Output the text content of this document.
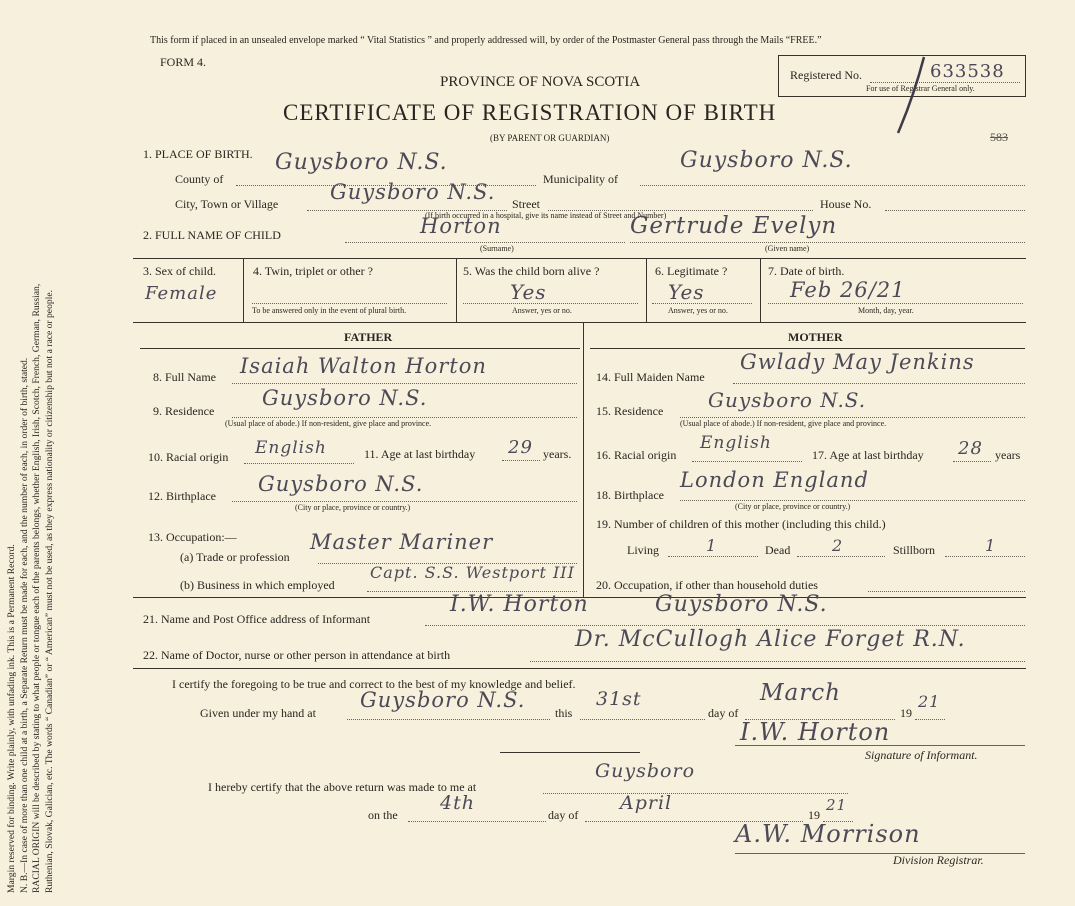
Margin reserved for binding. Write plainly, with unfading ink. This is a Permanent Record. N. B.—In case of more than one child at a birth, a Separate Return must be made for each, and the number of each, in order of birth, stated. RACIAL ORIGIN will be described by stating to what people or tongue each of the parents belongs, whether English, Irish, Scotch, French, German, Russian, Ruthenian, Slovak, Galician, etc. The words “ Canadian” or “ American” must not be used, as they express nationality or citizenship but not a race or people.
This form if placed in an unsealed envelope marked “ Vital Statistics ” and properly addressed will, by order of the Postmaster General pass through the Mails “FREE.”
FORM 4.
PROVINCE OF NOVA SCOTIA
CERTIFICATE OF REGISTRATION OF BIRTH
(BY PARENT OR GUARDIAN)
Registered No.	633538
For use of Registrar General only.
583
1. PLACE OF BIRTH.
County of
Guysboro N.S.
Municipality of
Guysboro N.S.
City, Town or Village Guysboro N.S. Street	House No.
(If birth occurred in a hospital, give its name instead of Street and Number)
2. FULL NAME OF CHILD	Horton
(Surname)
Gertrude Evelyn
(Given name)
3. Sex of child.
Female
4. Twin, triplet or other ?
To be answered only in the event of plural birth.
5. Was the child born alive ?
Yes
Answer, yes or no.
6. Legitimate ?
Yes
Answer, yes or no.
7. Date of birth.
Feb 26/21
Month, day, year.
FATHER	MOTHER
8. Full Name Isaiah Walton Horton
9. Residence
Guysboro N.S.
(Usual place of abode.) If non-resident, give place and province.
10. Racial origin English	11. Age at last birthday 29 years.
12. Birthplace Guysboro N.S.
(City or place, province or country.)
13. Occupation:—
(a) Trade or profession
Master Mariner
(b) Business in which employed
Capt. S.S. Westport III
14. Full Maiden Name
Gwlady May Jenkins
15. Residence Guysboro N.S.
(Usual place of abode.) If non-resident, give place and province.
16. Racial origin
English
17. Age at last birthday 28 years
18. Birthplace
London England
(City or place, province or country.)
19. Number of children of this mother (including this child.)
Living	1	Dead	2	Stillborn	1
20. Occupation, if other than household duties
21. Name and Post Office address of Informant
I.W. Horton	Guysboro N.S.
22. Name of Doctor, nurse or other person in attendance at birth
Dr. McCullogh Alice Forget R.N.
I certify the foregoing to be true and correct to the best of my knowledge and belief.
Given under my hand at
Guysboro N.S.
this
31st
day of
March
19
21
I.W. Horton
Signature of Informant.
I hereby certify that the above return was made to me at
Guysboro
on the
4th
day of
April
19
21
A.W. Morrison
Division Registrar.
